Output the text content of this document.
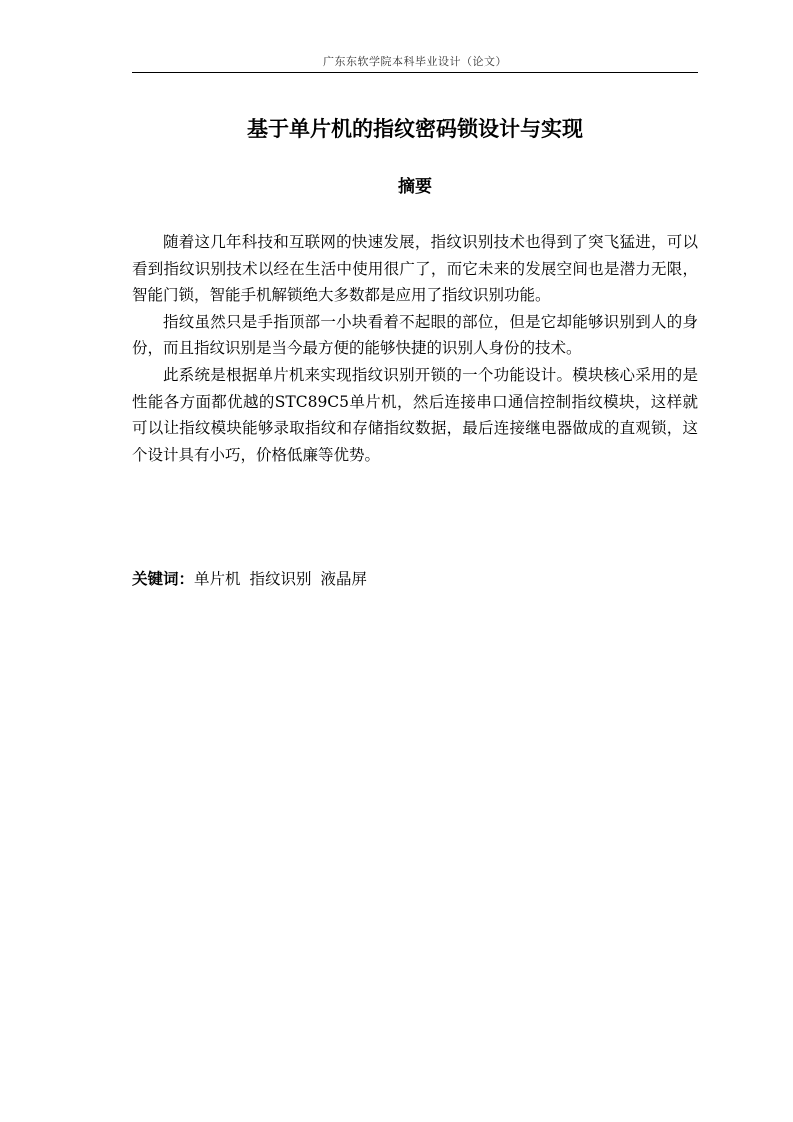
广东东软学院本科毕业设计（论文）
基于单片机的指纹密码锁设计与实现
摘要

随着这几年科技和互联网的快速发展，指纹识别技术也得到了突飞猛进，可以看到指纹识别技术以经在生活中使用很广了，而它未来的发展空间也是潜力无限，智能门锁，智能手机解锁绝大多数都是应用了指纹识别功能。

指纹虽然只是手指顶部一小块看着不起眼的部位，但是它却能够识别到人的身份，而且指纹识别是当今最方便的能够快捷的识别人身份的技术。

此系统是根据单片机来实现指纹识别开锁的一个功能设计。模块核心采用的是性能各方面都优越的STC89C5单片机，然后连接串口通信控制指纹模块，这样就可以让指纹模块能够录取指纹和存储指纹数据，最后连接继电器做成的直观锁，这个设计具有小巧，价格低廉等优势。

关键词：单片机 指纹识别 液晶屏
